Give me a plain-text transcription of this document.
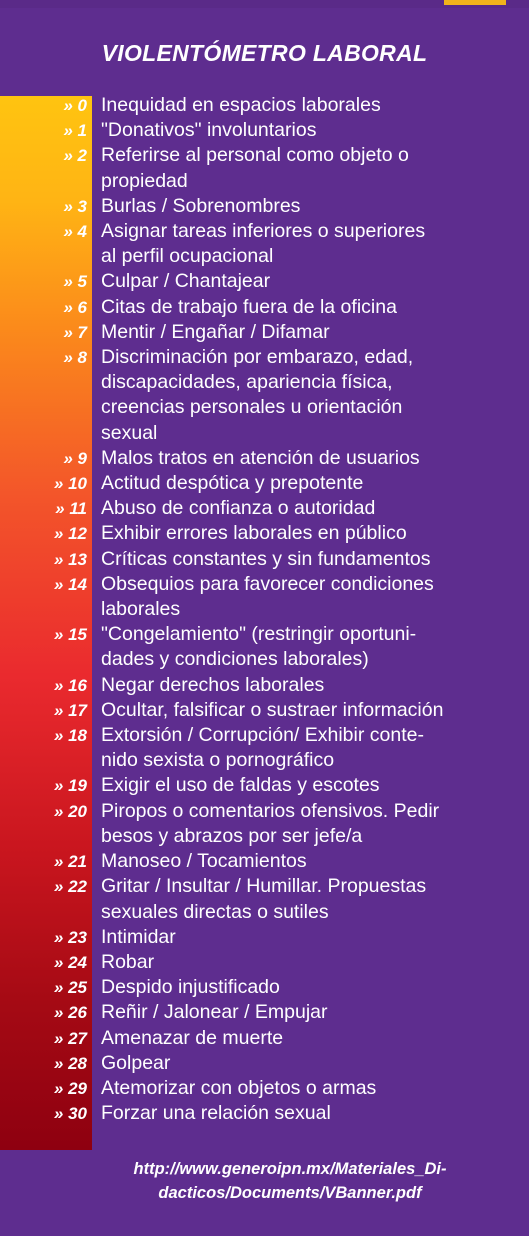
VIOLENTÓMETRO LABORAL
» 0 Inequidad en espacios laborales
» 1 "Donativos" involuntarios
» 2 Referirse al personal como objeto o
propiedad
» 3 Burlas / Sobrenombres
» 4 Asignar tareas inferiores o superiores
al perfil ocupacional
» 5 Culpar / Chantajear
» 6 Citas de trabajo fuera de la oficina
» 7 Mentir / Engañar / Difamar
» 8 Discriminación por embarazo, edad,
discapacidades, apariencia física,
creencias personales u orientación
sexual
» 9 Malos tratos en atención de usuarios
» 10 Actitud despótica y prepotente
» 11 Abuso de confianza o autoridad
» 12 Exhibir errores laborales en público
» 13 Críticas constantes y sin fundamentos
» 14 Obsequios para favorecer condiciones
laborales
» 15 "Congelamiento" (restringir oportuni-
dades y condiciones laborales)
» 16 Negar derechos laborales
» 17 Ocultar, falsificar o sustraer información
» 18 Extorsión / Corrupción/ Exhibir conte-
nido sexista o pornográfico
» 19 Exigir el uso de faldas y escotes
» 20 Piropos o comentarios ofensivos. Pedir
besos y abrazos por ser jefe/a
» 21 Manoseo / Tocamientos
» 22 Gritar / Insultar / Humillar. Propuestas
sexuales directas o sutiles
» 23 Intimidar
» 24 Robar
» 25 Despido injustificado
» 26 Reñir / Jalonear / Empujar
» 27 Amenazar de muerte
» 28 Golpear
» 29 Atemorizar con objetos o armas
» 30 Forzar una relación sexual
http://www.generoipn.mx/Materiales_Di-
dacticos/Documents/VBanner.pdf
